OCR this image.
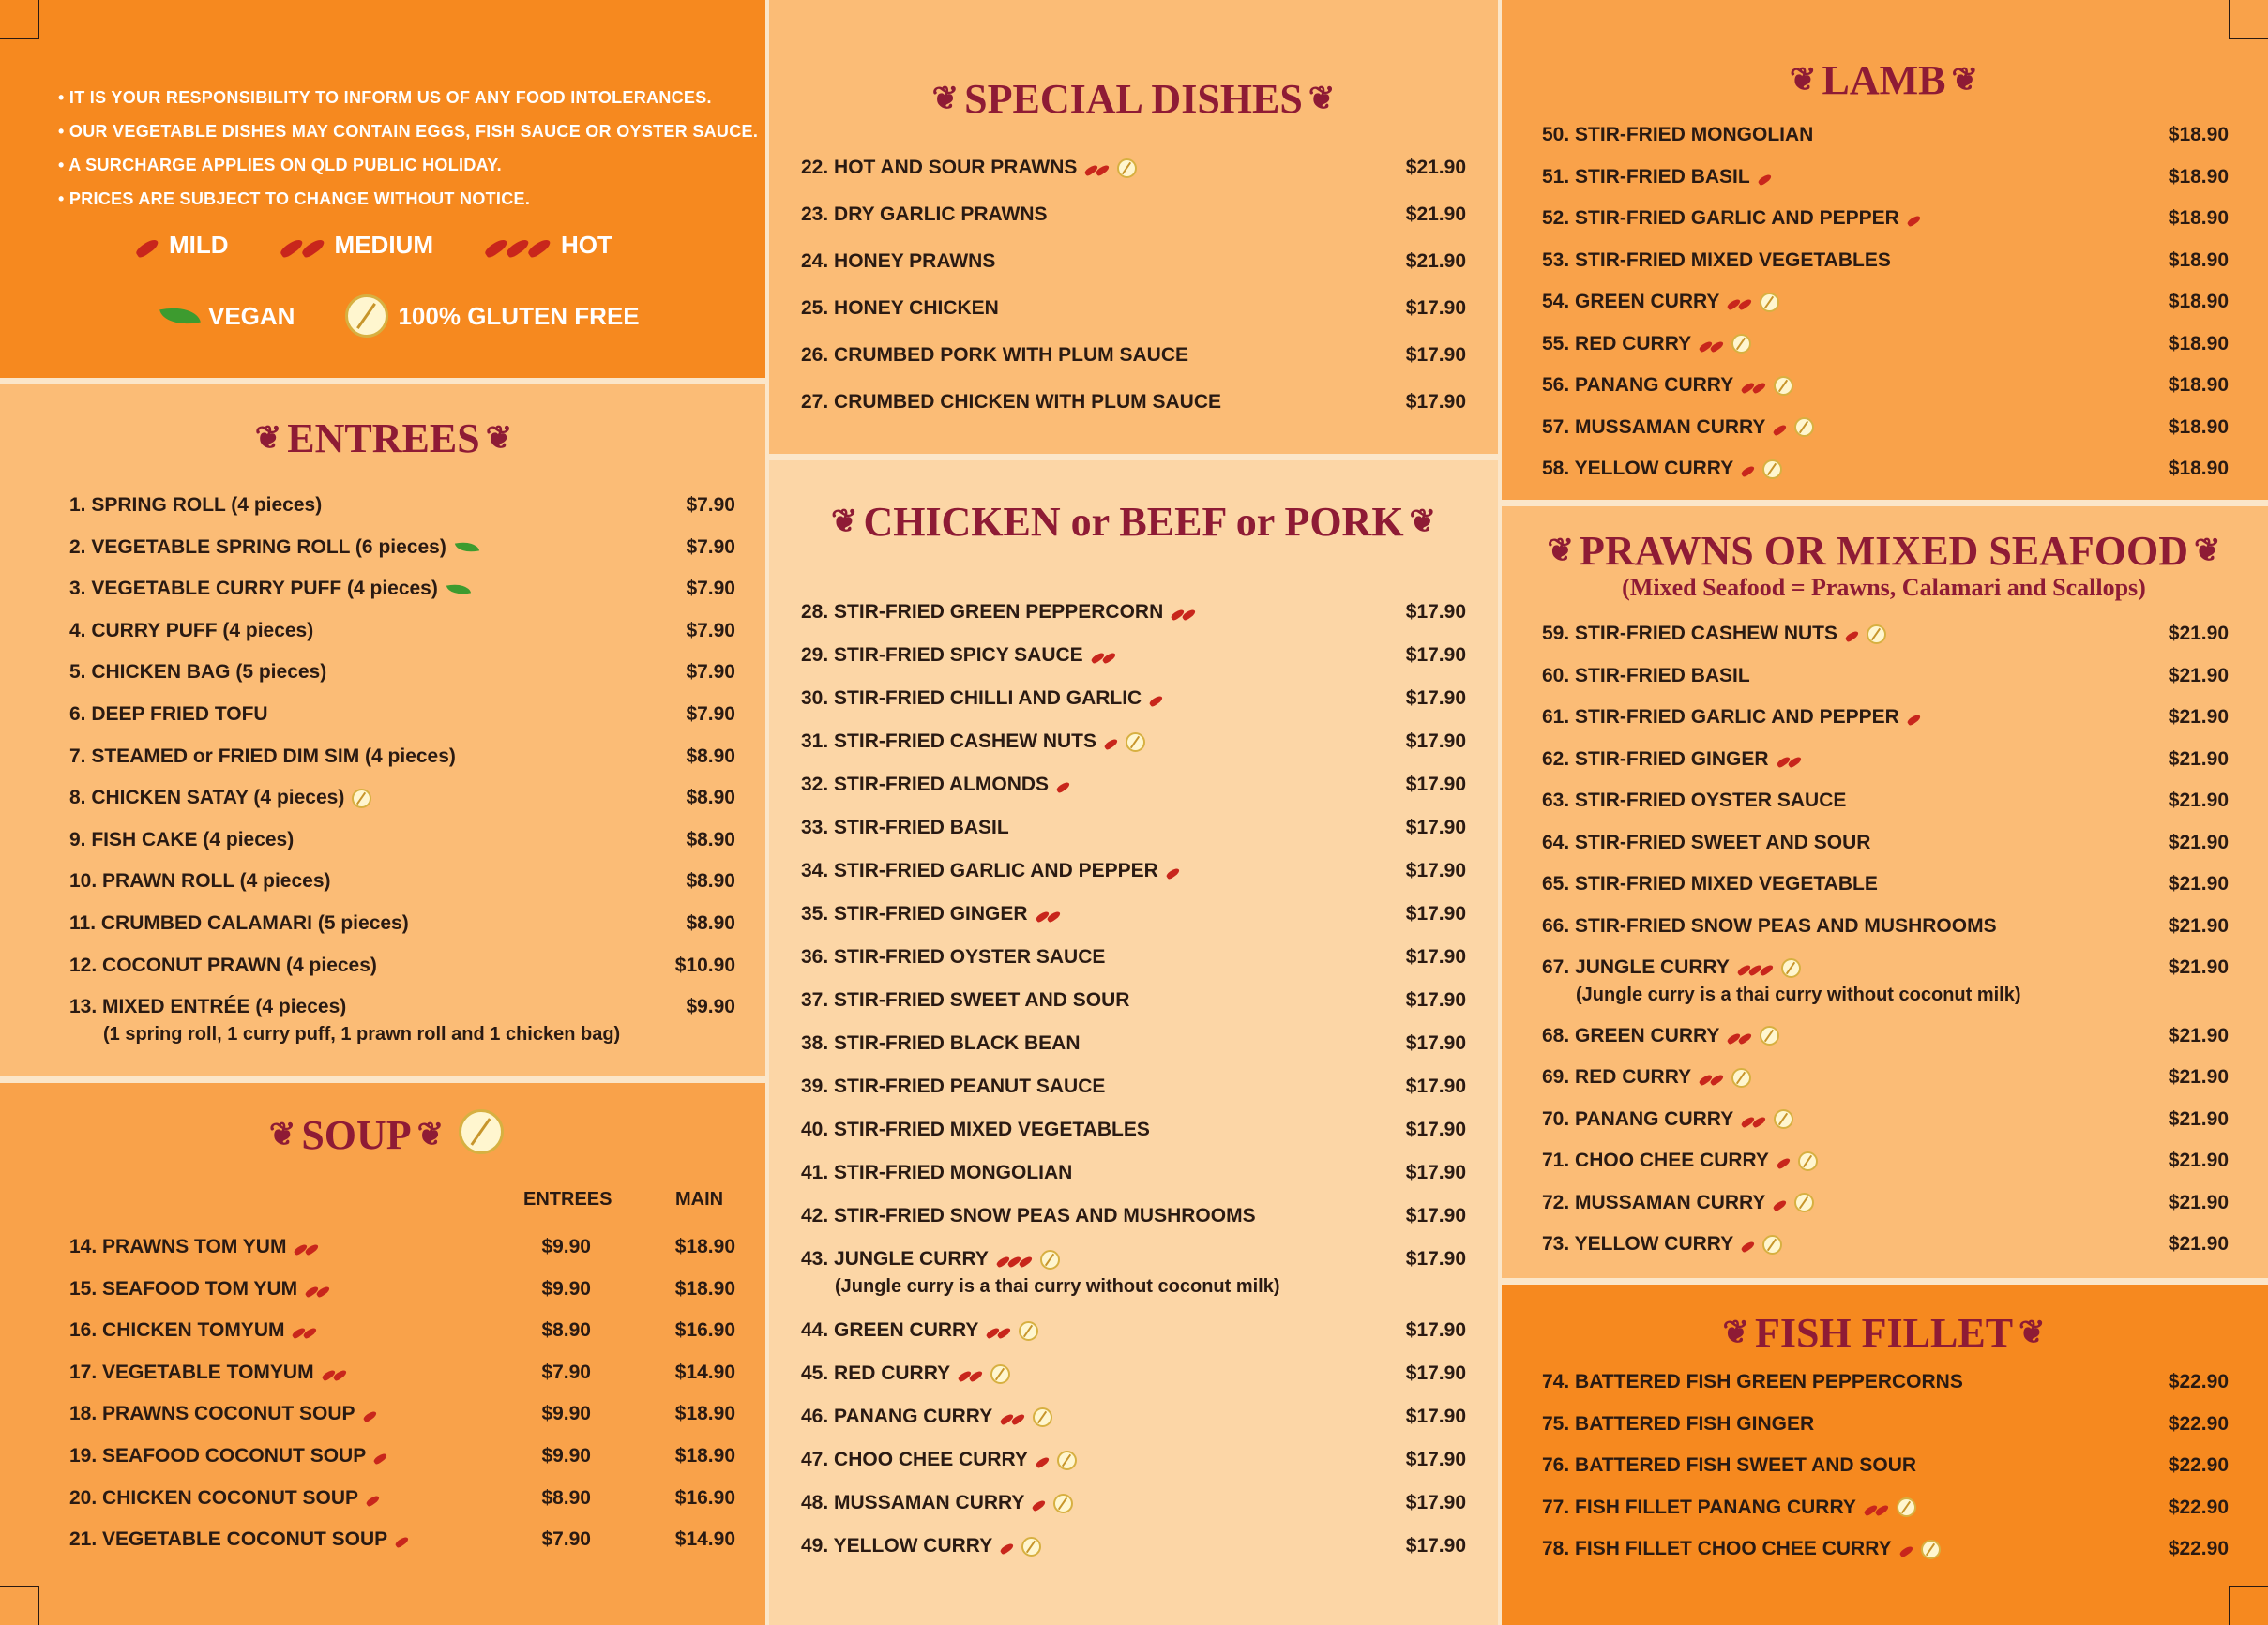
• IT IS YOUR RESPONSIBILITY TO INFORM US OF ANY FOOD INTOLERANCES.
• OUR VEGETABLE DISHES MAY CONTAIN EGGS, FISH SAUCE OR OYSTER SAUCE.
• A SURCHARGE APPLIES ON QLD PUBLIC HOLIDAY.
• PRICES ARE SUBJECT TO CHANGE WITHOUT NOTICE.
MILD	MEDIUM	HOT
VEGAN	100% GLUTEN FREE
❦ ENTREES ❦
1. SPRING ROLL (4 pieces)	$7.90
2. VEGETABLE SPRING ROLL (6 pieces)	$7.90
3. VEGETABLE CURRY PUFF (4 pieces)	$7.90
4. CURRY PUFF (4 pieces)	$7.90
5. CHICKEN BAG (5 pieces)	$7.90
6. DEEP FRIED TOFU	$7.90
7. STEAMED or FRIED DIM SIM (4 pieces)	$8.90
8. CHICKEN SATAY (4 pieces)	$8.90
9. FISH CAKE (4 pieces)	$8.90
10. PRAWN ROLL (4 pieces)	$8.90
11. CRUMBED CALAMARI (5 pieces)	$8.90
12. COCONUT PRAWN (4 pieces)	$10.90
13. MIXED ENTRÉE (4 pieces)	$9.90
(1 spring roll, 1 curry puff, 1 prawn roll and 1 chicken bag)
❦ SOUP ❦
ENTREES	MAIN
14. PRAWNS TOM YUM	$9.90	$18.90
15. SEAFOOD TOM YUM	$9.90	$18.90
16. CHICKEN TOMYUM	$8.90	$16.90
17. VEGETABLE TOMYUM	$7.90	$14.90
18. PRAWNS COCONUT SOUP	$9.90	$18.90
19. SEAFOOD COCONUT SOUP	$9.90	$18.90
20. CHICKEN COCONUT SOUP	$8.90	$16.90
21. VEGETABLE COCONUT SOUP	$7.90	$14.90
❦ SPECIAL DISHES ❦
22. HOT AND SOUR PRAWNS	$21.90
23. DRY GARLIC PRAWNS	$21.90
24. HONEY PRAWNS	$21.90
25. HONEY CHICKEN	$17.90
26. CRUMBED PORK WITH PLUM SAUCE	$17.90
27. CRUMBED CHICKEN WITH PLUM SAUCE	$17.90
❦ CHICKEN or BEEF or PORK ❦
28. STIR-FRIED GREEN PEPPERCORN	$17.90
29. STIR-FRIED SPICY SAUCE	$17.90
30. STIR-FRIED CHILLI AND GARLIC	$17.90
31. STIR-FRIED CASHEW NUTS	$17.90
32. STIR-FRIED ALMONDS	$17.90
33. STIR-FRIED BASIL	$17.90
34. STIR-FRIED GARLIC AND PEPPER	$17.90
35. STIR-FRIED GINGER	$17.90
36. STIR-FRIED OYSTER SAUCE	$17.90
37. STIR-FRIED SWEET AND SOUR	$17.90
38. STIR-FRIED BLACK BEAN	$17.90
39. STIR-FRIED PEANUT SAUCE	$17.90
40. STIR-FRIED MIXED VEGETABLES	$17.90
41. STIR-FRIED MONGOLIAN	$17.90
42. STIR-FRIED SNOW PEAS AND MUSHROOMS	$17.90
43. JUNGLE CURRY	$17.90
(Jungle curry is a thai curry without coconut milk)
44. GREEN CURRY	$17.90
45. RED CURRY	$17.90
46. PANANG CURRY	$17.90
47. CHOO CHEE CURRY	$17.90
48. MUSSAMAN CURRY	$17.90
49. YELLOW CURRY	$17.90
❦ LAMB ❦
50. STIR-FRIED MONGOLIAN	$18.90
51. STIR-FRIED BASIL	$18.90
52. STIR-FRIED GARLIC AND PEPPER	$18.90
53. STIR-FRIED MIXED VEGETABLES	$18.90
54. GREEN CURRY	$18.90
55. RED CURRY	$18.90
56. PANANG CURRY	$18.90
57. MUSSAMAN CURRY	$18.90
58. YELLOW CURRY	$18.90
❦ PRAWNS OR MIXED SEAFOOD ❦
(Mixed Seafood = Prawns, Calamari and Scallops)
59. STIR-FRIED CASHEW NUTS	$21.90
60. STIR-FRIED BASIL	$21.90
61. STIR-FRIED GARLIC AND PEPPER	$21.90
62. STIR-FRIED GINGER	$21.90
63. STIR-FRIED OYSTER SAUCE	$21.90
64. STIR-FRIED SWEET AND SOUR	$21.90
65. STIR-FRIED MIXED VEGETABLE	$21.90
66. STIR-FRIED SNOW PEAS AND MUSHROOMS	$21.90
67. JUNGLE CURRY	$21.90
(Jungle curry is a thai curry without coconut milk)
68. GREEN CURRY	$21.90
69. RED CURRY	$21.90
70. PANANG CURRY	$21.90
71. CHOO CHEE CURRY	$21.90
72. MUSSAMAN CURRY	$21.90
73. YELLOW CURRY	$21.90
❦ FISH FILLET ❦
74. BATTERED FISH GREEN PEPPERCORNS	$22.90
75. BATTERED FISH GINGER	$22.90
76. BATTERED FISH SWEET AND SOUR	$22.90
77. FISH FILLET PANANG CURRY	$22.90
78. FISH FILLET CHOO CHEE CURRY	$22.90
